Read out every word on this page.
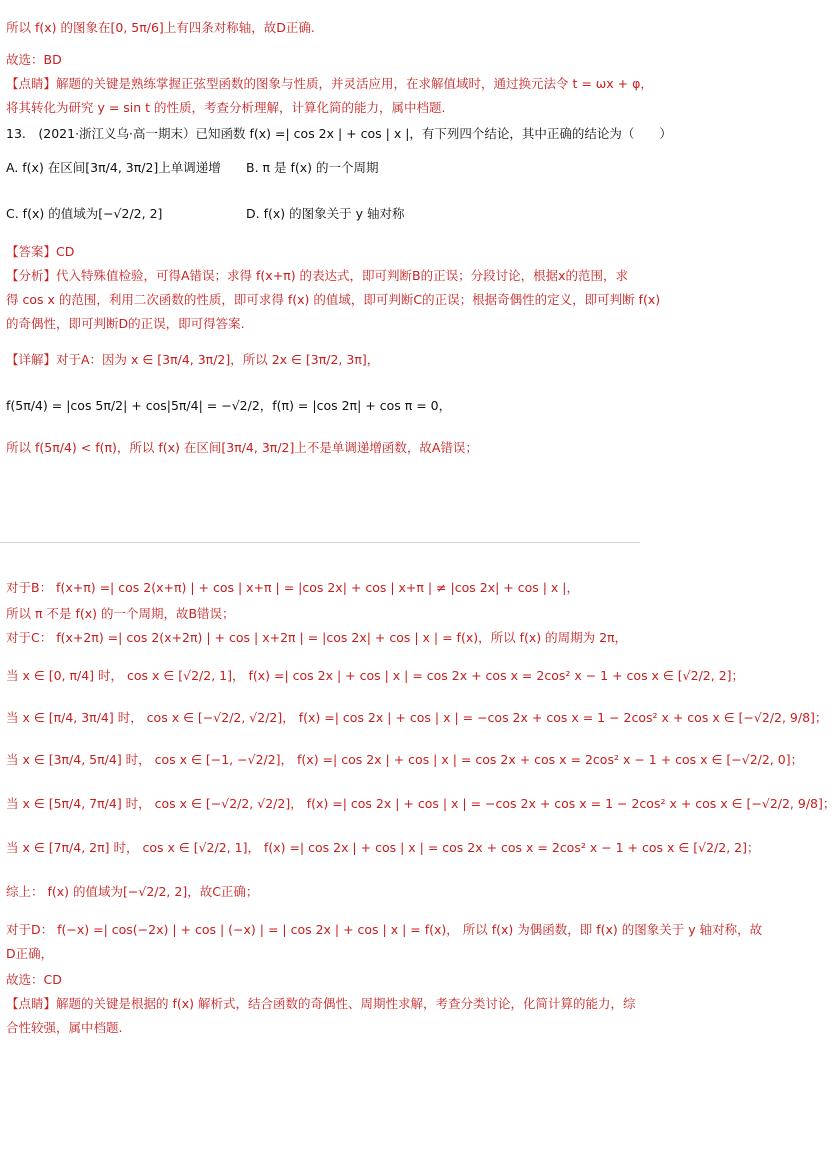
所以 f(x) 的图象在[0, 5π/6]上有四条对称轴，故D正确.
故选：BD
【点睛】解题的关键是熟练掌握正弦型函数的图象与性质，并灵活应用，在求解值域时，通过换元法令 t = ωx + φ，
将其转化为研究 y = sin t 的性质，考查分析理解，计算化简的能力，属中档题.
13.　(2021·浙江义乌·高一期末）已知函数 f(x) =| cos 2x | + cos | x |，有下列四个结论，其中正确的结论为（　　）
A. f(x) 在区间[3π/4, 3π/2]上单调递增 B. π 是 f(x) 的一个周期
C. f(x) 的值域为[−√2/2, 2]	D. f(x) 的图象关于 y 轴对称
【答案】CD
【分析】代入特殊值检验，可得A错误；求得 f(x+π) 的表达式，即可判断B的正误；分段讨论，根据x的范围，求
得 cos x 的范围，利用二次函数的性质，即可求得 f(x) 的值域，即可判断C的正误；根据奇偶性的定义，即可判断 f(x)
的奇偶性，即可判断D的正误，即可得答案.
【详解】对于A：因为 x ∈ [3π/4, 3π/2]，所以 2x ∈ [3π/2, 3π]，
f(5π/4) = |cos 5π/2| + cos|5π/4| = −√2/2，f(π) = |cos 2π| + cos π = 0，
所以 f(5π/4) < f(π)，所以 f(x) 在区间[3π/4, 3π/2]上不是单调递增函数，故A错误；
对于B： f(x+π) =| cos 2(x+π) | + cos | x+π | = |cos 2x| + cos | x+π | ≠ |cos 2x| + cos | x |，
所以 π 不是 f(x) 的一个周期，故B错误；
对于C： f(x+2π) =| cos 2(x+2π) | + cos | x+2π | = |cos 2x| + cos | x | = f(x)，所以 f(x) 的周期为 2π，
当 x ∈ [0, π/4] 时， cos x ∈ [√2/2, 1]， f(x) =| cos 2x | + cos | x | = cos 2x + cos x = 2cos² x − 1 + cos x ∈ [√2/2, 2]；
当 x ∈ [π/4, 3π/4] 时， cos x ∈ [−√2/2, √2/2]， f(x) =| cos 2x | + cos | x | = −cos 2x + cos x = 1 − 2cos² x + cos x ∈ [−√2/2, 9/8]；
当 x ∈ [3π/4, 5π/4] 时， cos x ∈ [−1, −√2/2]， f(x) =| cos 2x | + cos | x | = cos 2x + cos x = 2cos² x − 1 + cos x ∈ [−√2/2, 0]；
当 x ∈ [5π/4, 7π/4] 时， cos x ∈ [−√2/2, √2/2]， f(x) =| cos 2x | + cos | x | = −cos 2x + cos x = 1 − 2cos² x + cos x ∈ [−√2/2, 9/8]；
当 x ∈ [7π/4, 2π] 时， cos x ∈ [√2/2, 1]， f(x) =| cos 2x | + cos | x | = cos 2x + cos x = 2cos² x − 1 + cos x ∈ [√2/2, 2]；
综上： f(x) 的值域为[−√2/2, 2]，故C正确；
对于D： f(−x) =| cos(−2x) | + cos | (−x) | = | cos 2x | + cos | x | = f(x)， 所以 f(x) 为偶函数，即 f(x) 的图象关于 y 轴对称，故
D正确，
故选：CD
【点睛】解题的关键是根据的 f(x) 解析式，结合函数的奇偶性、周期性求解，考查分类讨论，化简计算的能力，综
合性较强，属中档题.
